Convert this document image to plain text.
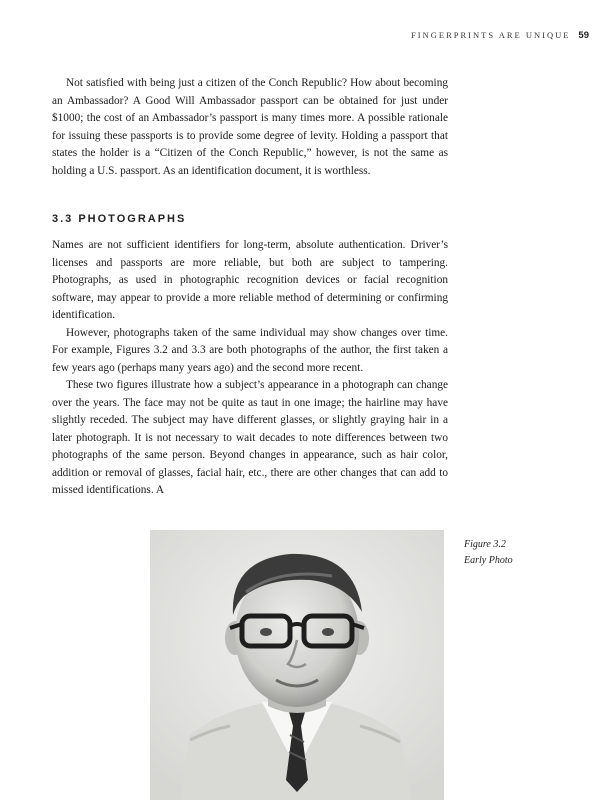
FINGERPRINTS ARE UNIQUE 59

Not satisfied with being just a citizen of the Conch Republic? How about becoming an Ambassador? A Good Will Ambassador passport can be obtained for just under $1000; the cost of an Ambassador’s passport is many times more. A possible rationale for issuing these passports is to provide some degree of levity. Holding a passport that states the holder is a “Citizen of the Conch Republic,” however, is not the same as holding a U.S. passport. As an identification document, it is worthless.

3.3 PHOTOGRAPHS

Names are not sufficient identifiers for long-term, absolute authentication. Driver’s licenses and passports are more reliable, but both are subject to tampering. Photographs, as used in photographic recognition devices or facial recognition software, may appear to provide a more reliable method of determining or confirming identification.

However, photographs taken of the same individual may show changes over time. For example, Figures 3.2 and 3.3 are both photographs of the author, the first taken a few years ago (perhaps many years ago) and the second more recent.

These two figures illustrate how a subject’s appearance in a photograph can change over the years. The face may not be quite as taut in one image; the hairline may have slightly receded. The subject may have different glasses, or slightly graying hair in a later photograph. It is not necessary to wait decades to note differences between two photographs of the same person. Beyond changes in appearance, such as hair color, addition or removal of glasses, facial hair, etc., there are other changes that can add to missed identifications. A

Figure 3.2
Early Photo
